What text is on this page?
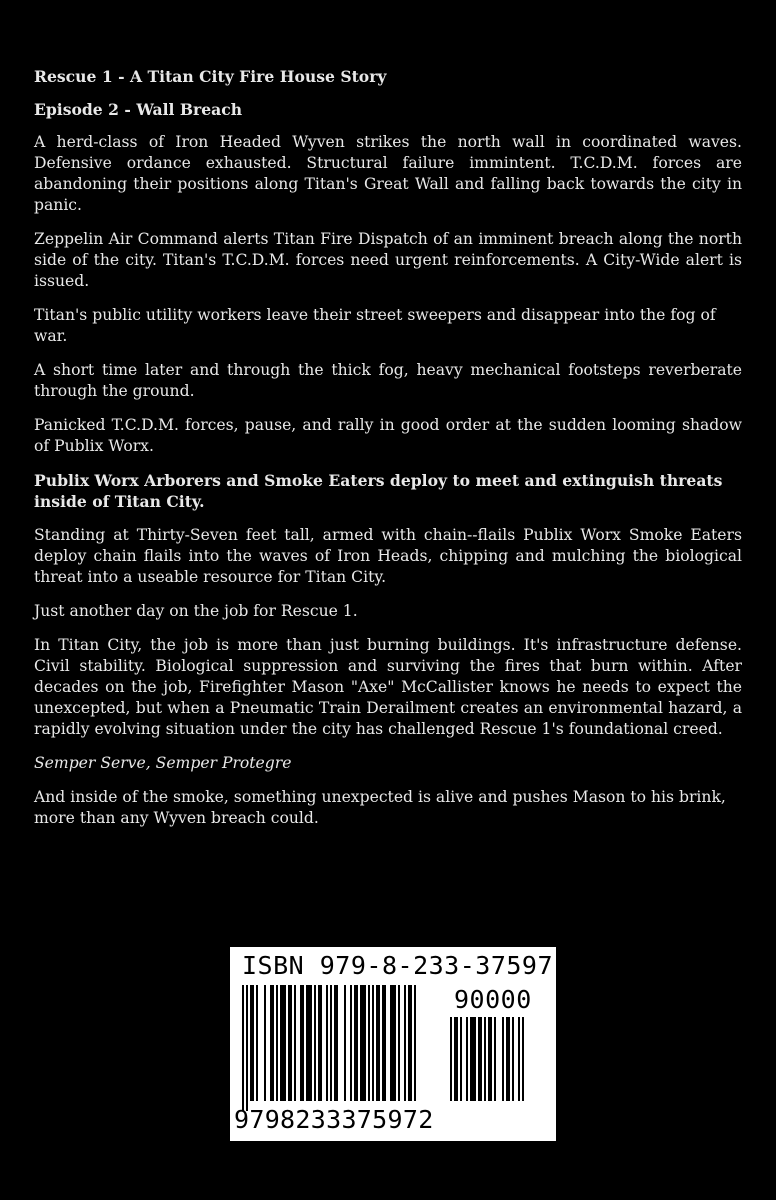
Rescue 1 - A Titan City Fire House Story

Episode 2 - Wall Breach

A herd-class of Iron Headed Wyven strikes the north wall in coordinated waves. Defensive ordance exhausted. Structural failure immintent. T.C.D.M. forces are abandoning their positions along Titan's Great Wall and falling back towards the city in panic.

Zeppelin Air Command alerts Titan Fire Dispatch of an imminent breach along the north side of the city. Titan's T.C.D.M. forces need urgent reinforcements. A City-Wide alert is issued.

Titan's public utility workers leave their street sweepers and disappear into the fog of war.

A short time later and through the thick fog, heavy mechanical footsteps reverberate through the ground.

Panicked T.C.D.M. forces, pause, and rally in good order at the sudden looming shadow of Publix Worx.

Publix Worx Arborers and Smoke Eaters deploy to meet and extinguish threats inside of Titan City.

Standing at Thirty-Seven feet tall, armed with chain--flails Publix Worx Smoke Eaters deploy chain flails into the waves of Iron Heads, chipping and mulching the biological threat into a useable resource for Titan City.

Just another day on the job for Rescue 1.

In Titan City, the job is more than just burning buildings. It's infrastructure defense. Civil stability. Biological suppression and surviving the fires that burn within. After decades on the job, Firefighter Mason "Axe" McCallister knows he needs to expect the unexcepted, but when a Pneumatic Train Derailment creates an environmental hazard, a rapidly evolving situation under the city has challenged Rescue 1's foundational creed.

Semper Serve, Semper Protegre

And inside of the smoke, something unexpected is alive and pushes Mason to his brink, more than any Wyven breach could.

ISBN 979-8-233-37597-2
90000
9798233375972
